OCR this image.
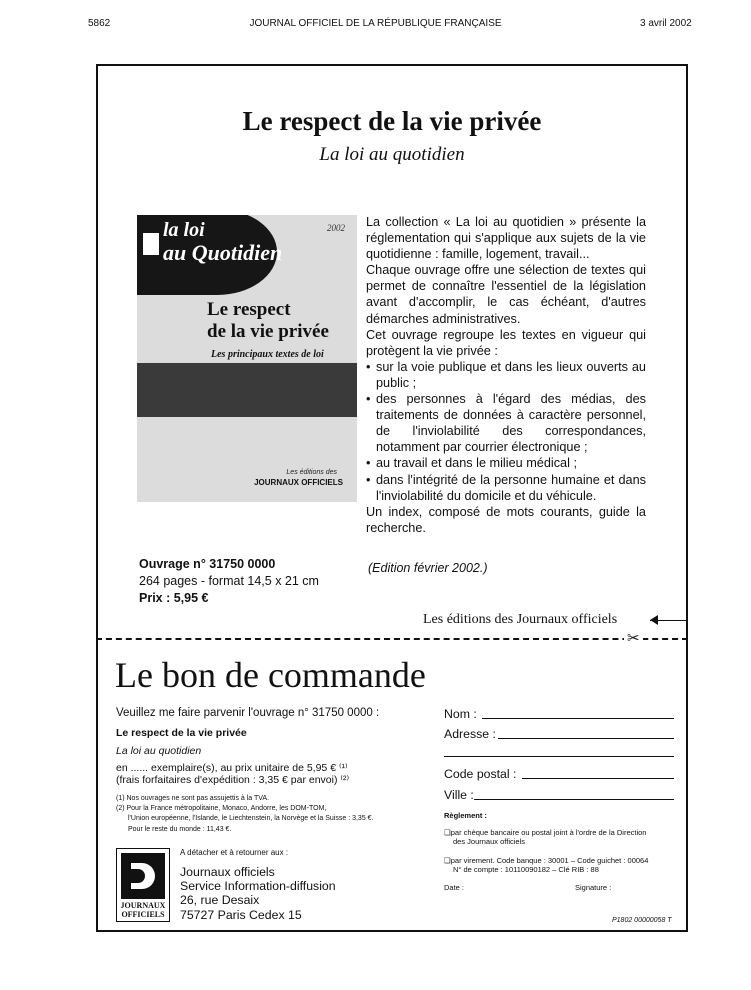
5862	JOURNAL OFFICIEL DE LA RÉPUBLIQUE FRANÇAISE	3 avril 2002
Le respect de la vie privée
La loi au quotidien
la loi
au Quotidien
2002
Le respect
de la vie privée
Les principaux textes de loi
Les éditions des
JOURNAUX OFFICIELS

La collection « La loi au quotidien » présente la réglementation qui s'applique aux sujets de la vie quotidienne : famille, logement, travail...

Chaque ouvrage offre une sélection de textes qui permet de connaître l'essentiel de la législation avant d'accomplir, le cas échéant, d'autres démarches administratives.

Cet ouvrage regroupe les textes en vigueur qui protègent la vie privée :

• sur la voie publique et dans les lieux ouverts au public ;
• des personnes à l'égard des médias, des traitements de données à caractère personnel, de l'inviolabilité des correspondances, notamment par courrier électronique ;
• au travail et dans le milieu médical ;
• dans l'intégrité de la personne humaine et dans l'inviolabilité du domicile et du véhicule.

Un index, composé de mots courants, guide la recherche.

(Edition février 2002.)
Ouvrage n° 31750 0000
264 pages - format 14,5 x 21 cm
Prix : 5,95 €
Les éditions des Journaux officiels
✂
Le bon de commande
Veuillez me faire parvenir l'ouvrage n° 31750 0000 :
Le respect de la vie privée
La loi au quotidien
en ...... exemplaire(s), au prix unitaire de 5,95 € ⁽¹⁾
(frais forfaitaires d'expédition : 3,35 € par envoi) ⁽²⁾
(1) Nos ouvrages ne sont pas assujettis à la TVA.
(2) Pour la France métropolitaine, Monaco, Andorre, les DOM-TOM,
l'Union européenne, l'Islande, le Liechtenstein, la Norvège et la Suisse : 3,35 €.
Pour le reste du monde : 11,43 €.
A détacher et à retourner aux :
JOURNAUX
OFFICIELS
Journaux officiels
Service Information-diffusion
26, rue Desaix
75727 Paris Cedex 15
Nom :
Adresse :
Code postal :
Ville :
Règlement :
❑par chèque bancaire ou postal joint à l'ordre de la Direction
des Journaux officiels
❑par virement. Code banque : 30001 – Code guichet : 00064
N° de compte : 10110090182 – Clé RIB : 88
Date :	Signature :
P1802 00000058 T
